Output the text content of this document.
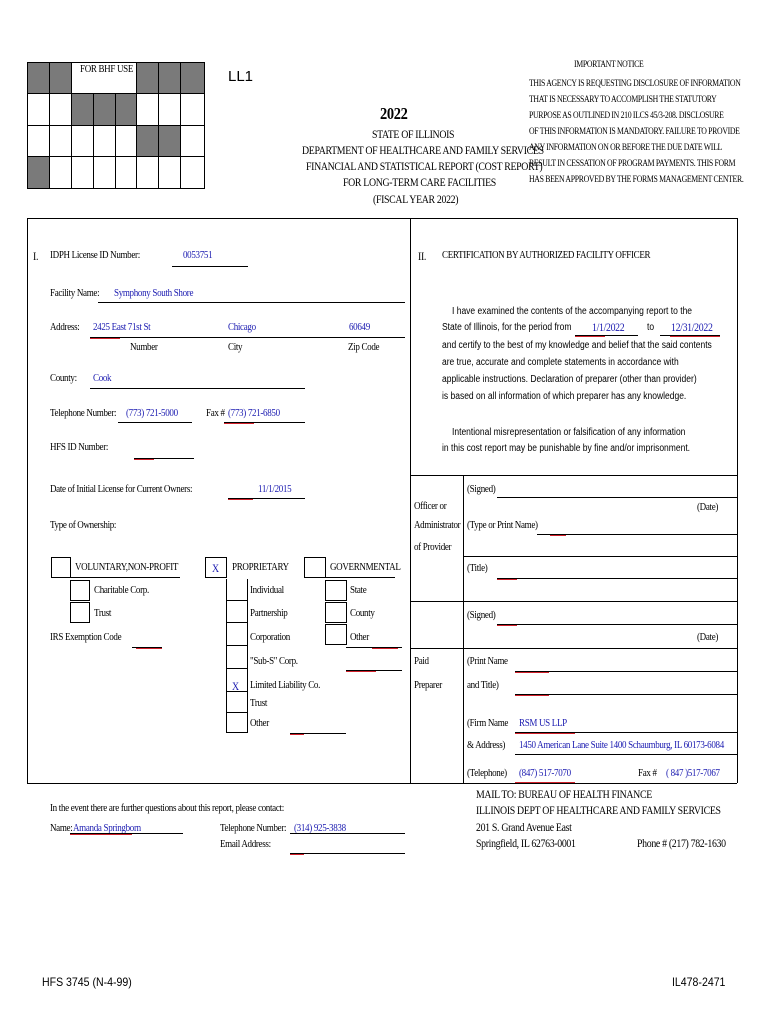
FOR BHF USE	LL1
2022
STATE OF ILLINOIS
DEPARTMENT OF HEALTHCARE AND FAMILY SERVICES
FINANCIAL AND STATISTICAL REPORT (COST REPORT)
FOR LONG-TERM CARE FACILITIES
(FISCAL YEAR 2022)
IMPORTANT NOTICE
THIS AGENCY IS REQUESTING DISCLOSURE OF INFORMATION
THAT IS NECESSARY TO ACCOMPLISH THE STATUTORY
PURPOSE AS OUTLINED IN 210 ILCS 45/3-208. DISCLOSURE
OF THIS INFORMATION IS MANDATORY. FAILURE TO PROVIDE
ANY INFORMATION ON OR BEFORE THE DUE DATE WILL
RESULT IN CESSATION OF PROGRAM PAYMENTS. THIS FORM
HAS BEEN APPROVED BY THE FORMS MANAGEMENT CENTER.
I. IDPH License ID Number:	0053751
Facility Name: Symphony South Shore
Address: 2425 East 71st St	Chicago	60649
Number	City	Zip Code
County: Cook
Telephone Number: (773) 721-5000	Fax # (773) 721-6850
HFS ID Number:
Date of Initial License for Current Owners:	11/1/2015
Type of Ownership:
VOLUNTARY,NON-PROFIT
Charitable Corp.
Trust
IRS Exemption Code
X PROPRIETARY
Individual
Partnership
Corporation
"Sub-S" Corp.
X Limited Liability Co.
Trust
Other
GOVERNMENTAL
State
County
Other
In the event there are further questions about this report, please contact:
Name: Amanda Springborn	Telephone Number: (314) 925-3838
Email Address:
II. CERTIFICATION BY AUTHORIZED FACILITY OFFICER
I have examined the contents of the accompanying report to the
State of Illinois, for the period from 1/1/2022 to 12/31/2022
and certify to the best of my knowledge and belief that the said contents
are true, accurate and complete statements in accordance with
applicable instructions. Declaration of preparer (other than provider)
is based on all information of which preparer has any knowledge.
Intentional misrepresentation or falsification of any information
in this cost report may be punishable by fine and/or imprisonment.
Officer or
Administrator
of Provider
(Signed)
(Date)
(Type or Print Name)
(Title)
(Signed)
(Date)
Paid
Preparer
(Print Name
and Title)
(Firm Name RSM US LLP
& Address) 1450 American Lane Suite 1400 Schaumburg, IL 60173-6084
(Telephone) (847) 517-7070	Fax # ( 847 )517-7067
MAIL TO: BUREAU OF HEALTH FINANCE
ILLINOIS DEPT OF HEALTHCARE AND FAMILY SERVICES
201 S. Grand Avenue East
Springfield, IL 62763-0001	Phone # (217) 782-1630
HFS 3745 (N-4-99)	IL478-2471
